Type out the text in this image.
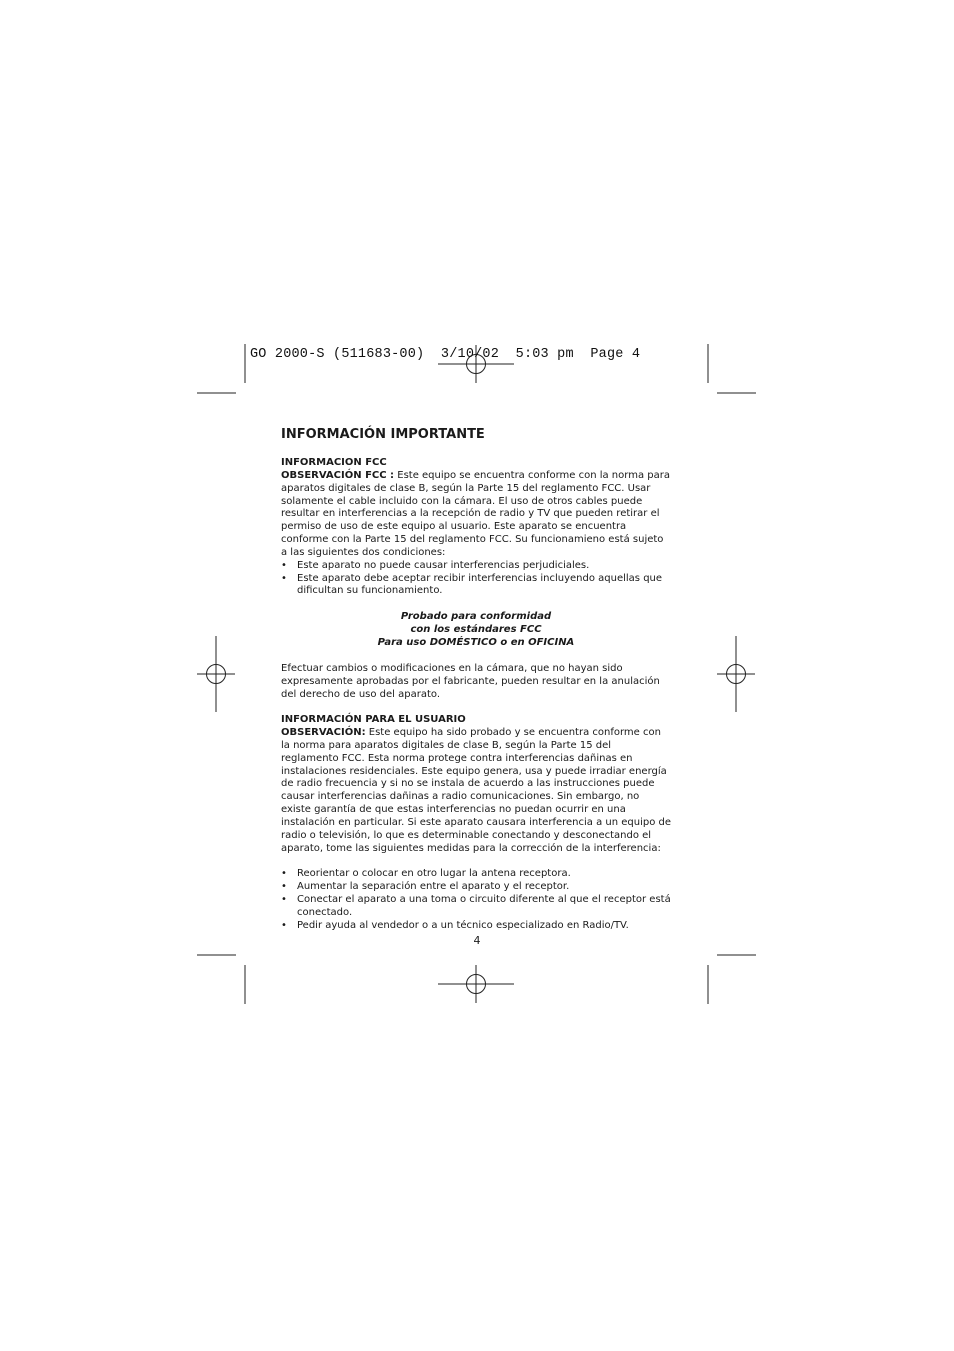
GO 2000-S (511683-00)  3/10/02  5:03 pm  Page 4
INFORMACIÓN IMPORTANTE

INFORMACION FCC

OBSERVACIÓN FCC : Este equipo se encuentra conforme con la norma para aparatos digitales de clase B, según la Parte 15 del reglamento FCC. Usar solamente el cable incluido con la cámara. El uso de otros cables puede resultar en interferencias a la recepción de radio y TV que pueden retirar el permiso de uso de este equipo al usuario. Este aparato se encuentra conforme con la Parte 15 del reglamento FCC. Su funcionamieno está sujeto a las siguientes dos condiciones:

• Este aparato no puede causar interferencias perjudiciales.
• Este aparato debe aceptar recibir interferencias incluyendo aquellas que dificultan su funcionamiento.
Probado para conformidad
con los estándares FCC
Para uso DOMÉSTICO o en OFICINA

Efectuar cambios o modificaciones en la cámara, que no hayan sido expresamente aprobadas por el fabricante, pueden resultar en la anulación del derecho de uso del aparato.

INFORMACIÓN PARA EL USUARIO

OBSERVACIÓN: Este equipo ha sido probado y se encuentra conforme con la norma para aparatos digitales de clase B, según la Parte 15 del reglamento FCC. Esta norma protege contra interferencias dañinas en instalaciones residenciales. Este equipo genera, usa y puede irradiar energía de radio frecuencia y si no se instala de acuerdo a las instrucciones puede causar interferencias dañinas a radio comunicaciones. Sin embargo, no existe garantía de que estas interferencias no puedan ocurrir en una instalación en particular. Si este aparato causara interferencia a un equipo de radio o televisión, lo que es determinable conectando y desconectando el aparato, tome las siguientes medidas para la corrección de la interferencia:

• Reorientar o colocar en otro lugar la antena receptora.
• Aumentar la separación entre el aparato y el receptor.
• Conectar el aparato a una toma o circuito diferente al que el receptor está conectado.
• Pedir ayuda al vendedor o a un técnico especializado en Radio/TV.
4
